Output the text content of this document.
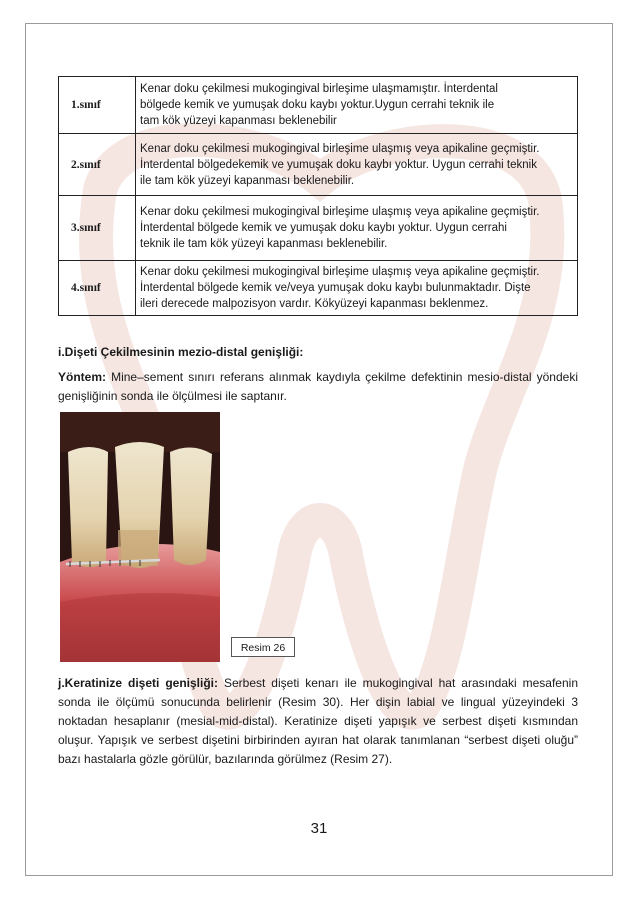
1.sınıf	Kenar doku çekilmesi mukogingival birleşime ulaşmamıştır. İnterdental
bölgede kemik ve yumuşak doku kaybı yoktur.Uygun cerrahi teknik ile
tam kök yüzeyi kapanması beklenebilir

2.sınıf	Kenar doku çekilmesi mukogingival birleşime ulaşmış veya apikaline geçmiştir.
İnterdental bölgedekemik ve yumuşak doku kaybı yoktur. Uygun cerrahi teknik
ile tam kök yüzeyi kapanması beklenebilir.

3.sınıf	Kenar doku çekilmesi mukogingival birleşime ulaşmış veya apikaline geçmiştir.
İnterdental bölgede kemik ve yumuşak doku kaybı yoktur. Uygun cerrahi
teknik ile tam kök yüzeyi kapanması beklenebilir.

4.sınıf	Kenar doku çekilmesi mukogingival birleşime ulaşmış veya apikaline geçmiştir.
İnterdental bölgede kemik ve/veya yumuşak doku kaybı bulunmaktadır. Dişte
ileri derecede malpozisyon vardır. Kökyüzeyi kapanması beklenmez.
i.Dişeti Çekilmesinin mezio-distal genişliği:

Yöntem: Mine–sement sınırı referans alınmak kaydıyla çekilme defektinin mesio-distal yöndeki genişliğinin sonda ile ölçülmesi ile saptanır.

Resim 26

j.Keratinize dişeti genişliği: Serbest dişeti kenarı ile mukogingival hat arasındaki mesafenin sonda ile ölçümü sonucunda belirlenir (Resim 30). Her dişin labial ve lingual yüzeyindeki 3 noktadan hesaplanır (mesial-mid-distal). Keratinize dişeti yapışık ve serbest dişeti kısmından oluşur. Yapışık ve serbest dişetini birbirinden ayıran hat olarak tanımlanan “serbest dişeti oluğu” bazı hastalarla gözle görülür, bazılarında görülmez (Resim 27).

31
